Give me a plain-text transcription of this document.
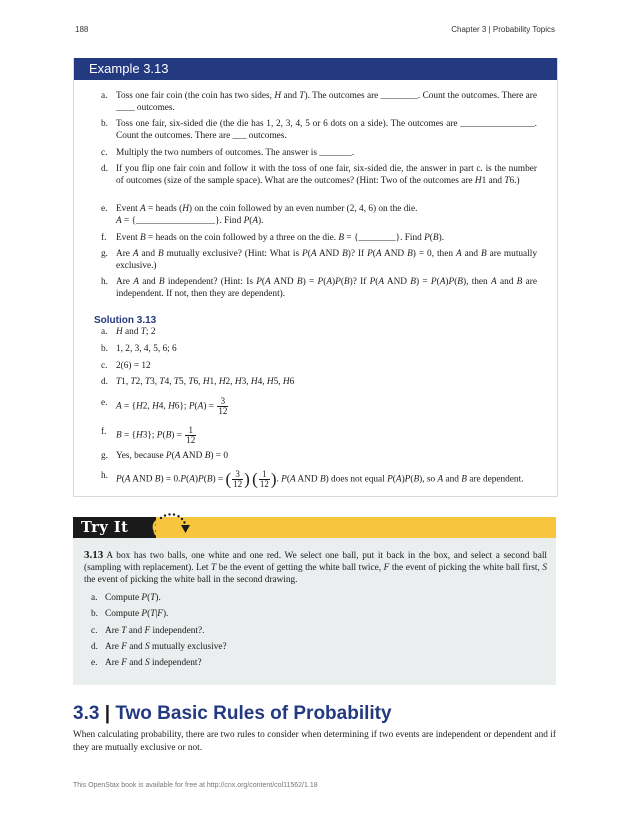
188	Chapter 3 | Probability Topics
Example 3.13
a. Toss one fair coin (the coin has two sides, H and T). The outcomes are ________. Count the outcomes. There are ____ outcomes.
b. Toss one fair, six-sided die (the die has 1, 2, 3, 4, 5 or 6 dots on a side). The outcomes are ________________. Count the outcomes. There are ___ outcomes.
c. Multiply the two numbers of outcomes. The answer is _______.
d. If you flip one fair coin and follow it with the toss of one fair, six-sided die, the answer in part c. is the number of outcomes (size of the sample space). What are the outcomes? (Hint: Two of the outcomes are H1 and T6.)
e. Event A = heads (H) on the coin followed by an even number (2, 4, 6) on the die.
A = {_________________}. Find P(A).
f.	Event B = heads on the coin followed by a three on the die. B = {________}. Find P(B).
g. Are A and B mutually exclusive? (Hint: What is P(A AND B)? If P(A AND B) = 0, then A and B are mutually exclusive.)
h. Are A and B independent? (Hint: Is P(A AND B) = P(A)P(B)? If P(A AND B) = P(A)P(B), then A and B are independent. If not, then they are dependent).
Solution 3.13
a. H and T; 2
b. 1, 2, 3, 4, 5, 6; 6
c. 2(6) = 12
d. T1, T2, T3, T4, T5, T6, H1, H2, H3, H4, H5, H6
e. A = {H2, H4, H6}; $P(A) = \frac{3}{12}$
f. B = {H3}; $P(B) = \frac{1}{12}$
g. Yes, because P(A AND B) = 0
h. P(A AND B) = 0.P(A)P(B) = ( $\frac{3}{12}$ ) ( $\frac{1}{12}$ ). P(A AND B) does not equal P(A)P(B), so A and B are dependent.
Try It
3.13 A box has two balls, one white and one red. We select one ball, put it back in the box, and select a second ball (sampling with replacement). Let T be the event of getting the white ball twice, F the event of picking the white ball first, S the event of picking the white ball in the second drawing.
a. Compute P(T).
b. Compute P(T|F).
c. Are T and F independent?.
d. Are F and S mutually exclusive?
e. Are F and S independent?
3.3 | Two Basic Rules of Probability
When calculating probability, there are two rules to consider when determining if two events are independent or dependent and if they are mutually exclusive or not.
This OpenStax book is available for free at http://cnx.org/content/col11562/1.18
